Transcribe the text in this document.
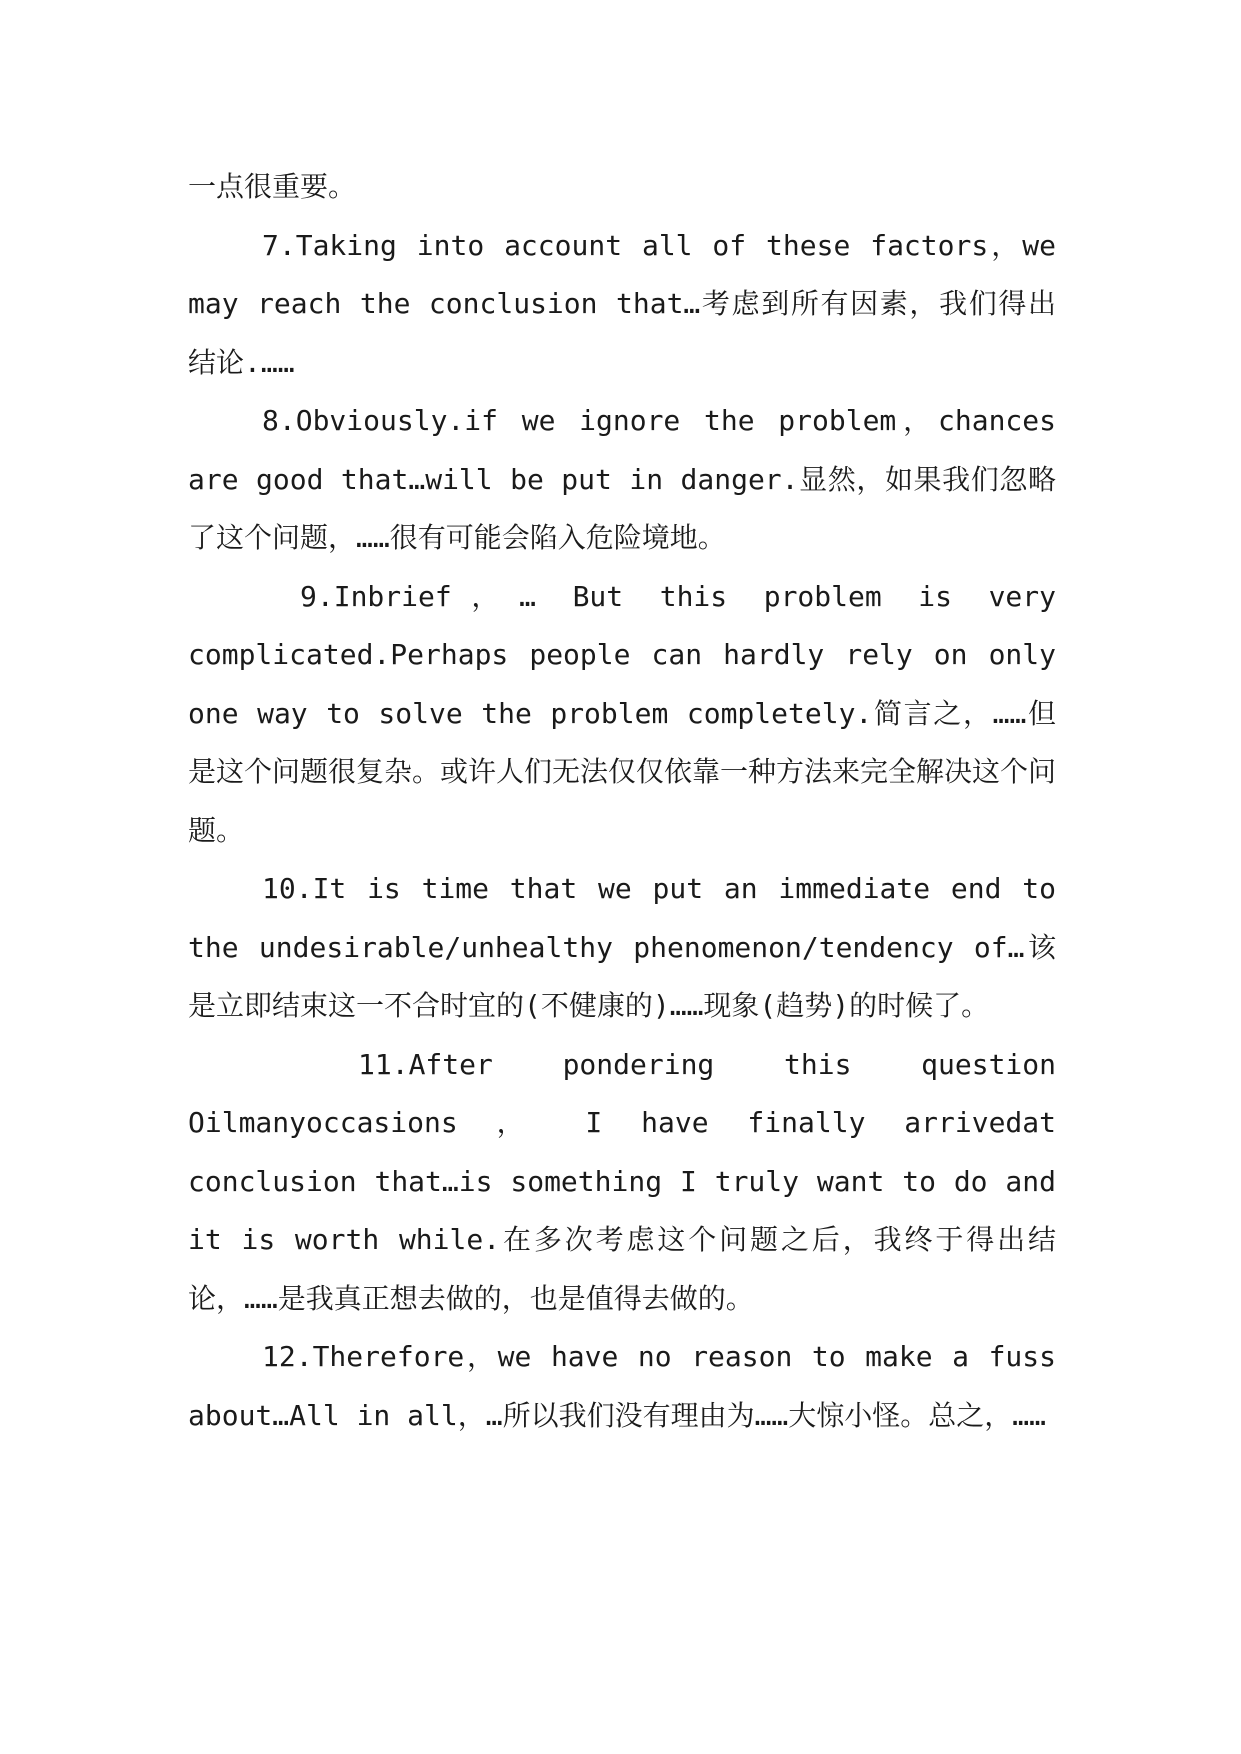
一点很重要。

7.Taking into account all of these factors，we may reach the conclusion that…考虑到所有因素，我们得出结论.……

8.Obviously.if we ignore the problem，chances are good that…will be put in danger.显然，如果我们忽略了这个问题，……很有可能会陷入危险境地。

9.Inbrief，… But this problem is very complicated.Perhaps people can hardly rely on only one way to solve the problem completely.简言之，……但是这个问题很复杂。或许人们无法仅仅依靠一种方法来完全解决这个问题。

10.It is time that we put an immediate end to the undesirable/unhealthy phenomenon/tendency of…该是立即结束这一不合时宜的(不健康的)……现象(趋势)的时候了。

11.After pondering this question Oilmanyoccasions ， I have finally arrivedat conclusion that…is something I truly want to do and it is worth while.在多次考虑这个问题之后，我终于得出结论，……是我真正想去做的，也是值得去做的。

12.Therefore，we have no reason to make a fuss about…All in all，…所以我们没有理由为……大惊小怪。总之，……
